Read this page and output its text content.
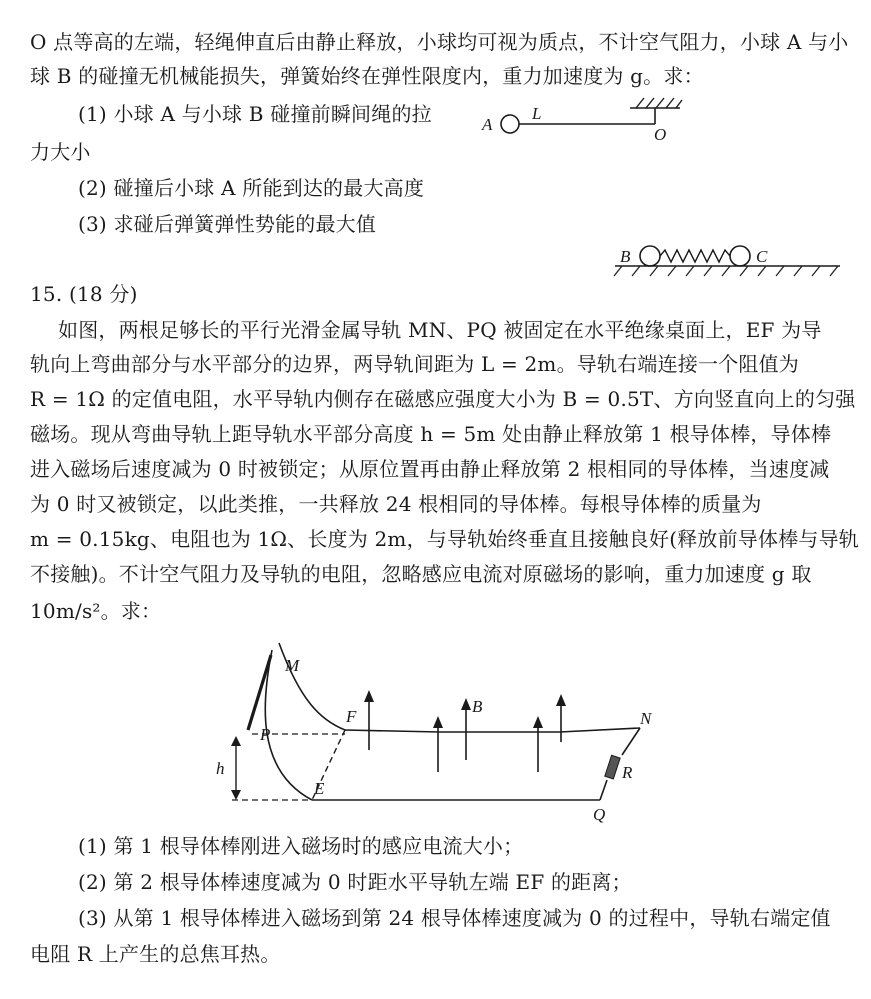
O 点等高的左端，轻绳伸直后由静止释放，小球均可视为质点，不计空气阻力，小球 A 与小
球 B 的碰撞无机械能损失，弹簧始终在弹性限度内，重力加速度为 g。求：
(1) 小球 A 与小球 B 碰撞前瞬间绳的拉
力大小
(2) 碰撞后小球 A 所能到达的最大高度
(3) 求碰后弹簧弹性势能的最大值
A
L
O
B	C
M
F
B
N
P
h
E
R
Q
15. (18 分)
如图，两根足够长的平行光滑金属导轨 MN、PQ 被固定在水平绝缘桌面上，EF 为导
轨向上弯曲部分与水平部分的边界，两导轨间距为 L = 2m。导轨右端连接一个阻值为
R = 1Ω 的定值电阻，水平导轨内侧存在磁感应强度大小为 B = 0.5T、方向竖直向上的匀强
磁场。现从弯曲导轨上距导轨水平部分高度 h = 5m 处由静止释放第 1 根导体棒，导体棒
进入磁场后速度减为 0 时被锁定；从原位置再由静止释放第 2 根相同的导体棒，当速度减
为 0 时又被锁定，以此类推，一共释放 24 根相同的导体棒。每根导体棒的质量为
m = 0.15kg、电阻也为 1Ω、长度为 2m，与导轨始终垂直且接触良好(释放前导体棒与导轨
不接触)。不计空气阻力及导轨的电阻，忽略感应电流对原磁场的影响，重力加速度 g 取
10m/s²。求：
(1) 第 1 根导体棒刚进入磁场时的感应电流大小；
(2) 第 2 根导体棒速度减为 0 时距水平导轨左端 EF 的距离；
(3) 从第 1 根导体棒进入磁场到第 24 根导体棒速度减为 0 的过程中，导轨右端定值
电阻 R 上产生的总焦耳热。
